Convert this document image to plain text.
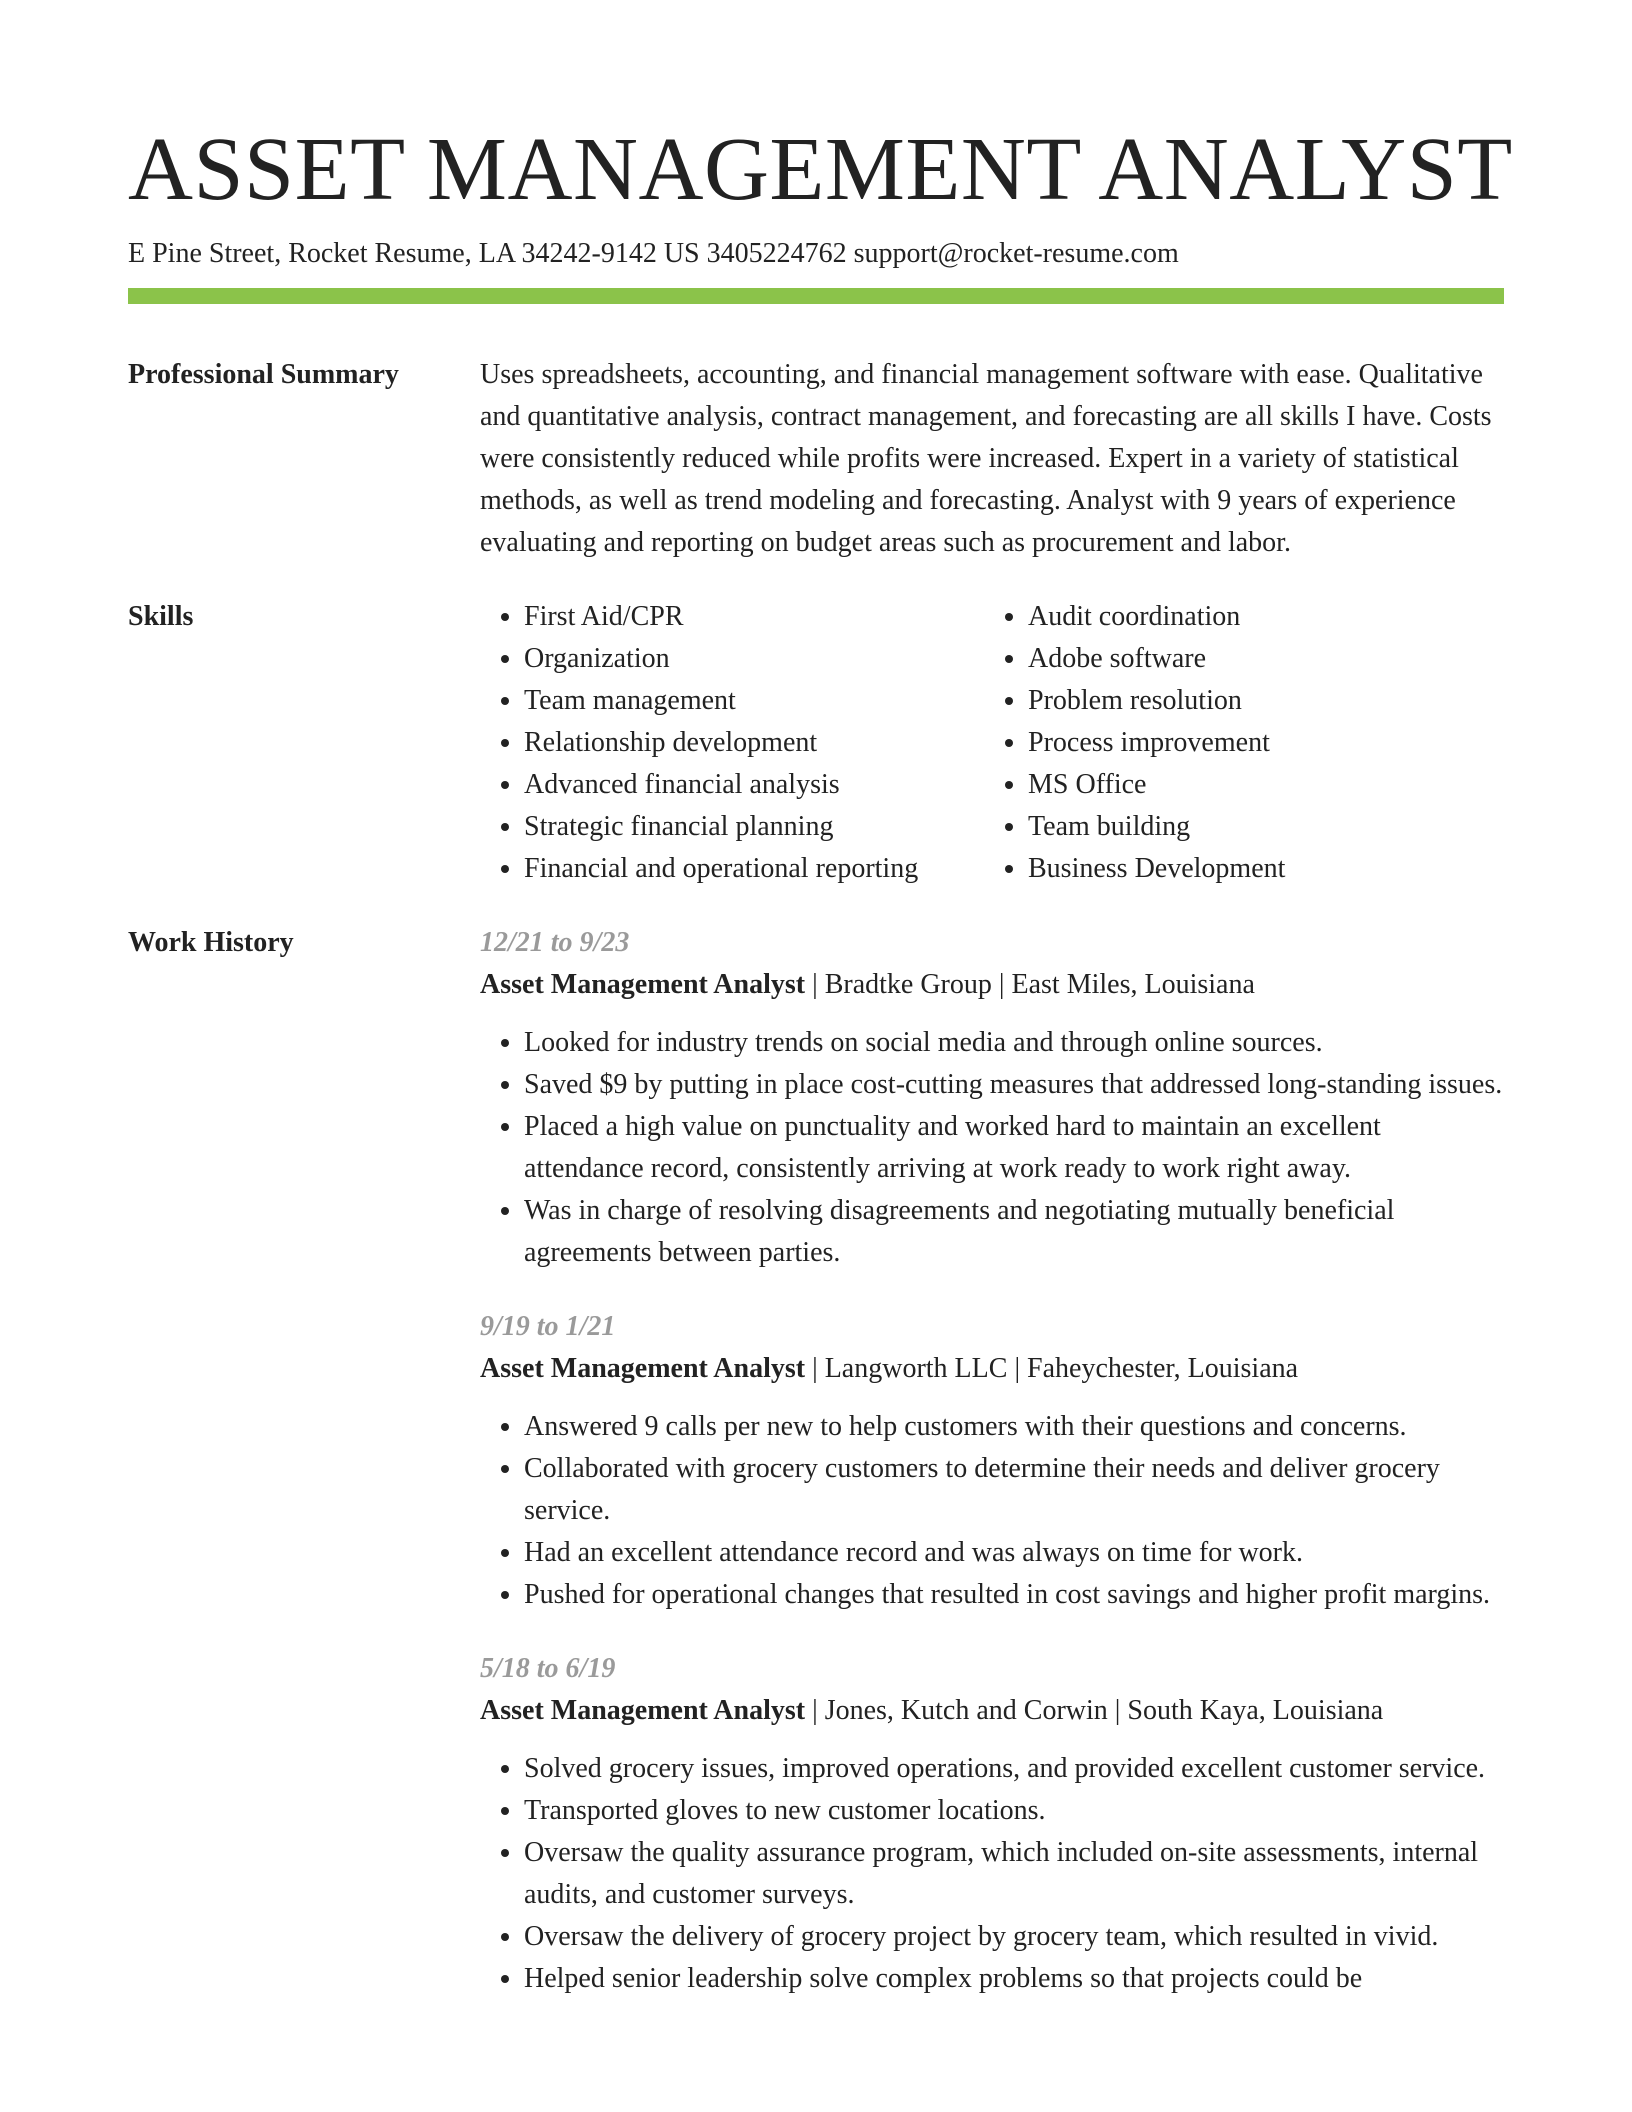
ASSET MANAGEMENT ANALYST
E Pine Street, Rocket Resume, LA 34242-9142 US 3405224762 support@rocket-resume.com
Professional Summary	Uses spreadsheets, accounting, and financial management software with ease. Qualitative and quantitative analysis, contract management, and forecasting are all skills I have. Costs were consistently reduced while profits were increased. Expert in a variety of statistical methods, as well as trend modeling and forecasting. Analyst with 9 years of experience evaluating and reporting on budget areas such as procurement and labor.

Skills
•	First Aid/CPR
• Organization
• Team management
• Relationship development
• Advanced financial analysis
• Strategic financial planning
• Financial and operational reporting
• Audit coordination
• Adobe software
• Problem resolution
• Process improvement
• MS Office
• Team building
• Business Development
Work History	12/21 to 9/23
Asset Management Analyst | Bradtke Group | East Miles, Louisiana
• Looked for industry trends on social media and through online sources.
• Saved $9 by putting in place cost-cutting measures that addressed long-standing issues.
• Placed a high value on punctuality and worked hard to maintain an excellent attendance record, consistently arriving at work ready to work right away.
• Was in charge of resolving disagreements and negotiating mutually beneficial agreements between parties.
9/19 to 1/21
Asset Management Analyst | Langworth LLC | Faheychester, Louisiana
• Answered 9 calls per new to help customers with their questions and concerns.
• Collaborated with grocery customers to determine their needs and deliver grocery service.
• Had an excellent attendance record and was always on time for work.
• Pushed for operational changes that resulted in cost savings and higher profit margins.
5/18 to 6/19
Asset Management Analyst | Jones, Kutch and Corwin | South Kaya, Louisiana
• Solved grocery issues, improved operations, and provided excellent customer service.
• Transported gloves to new customer locations.
• Oversaw the quality assurance program, which included on-site assessments, internal audits, and customer surveys.
• Oversaw the delivery of grocery project by grocery team, which resulted in vivid.
• Helped senior leadership solve complex problems so that projects could be
